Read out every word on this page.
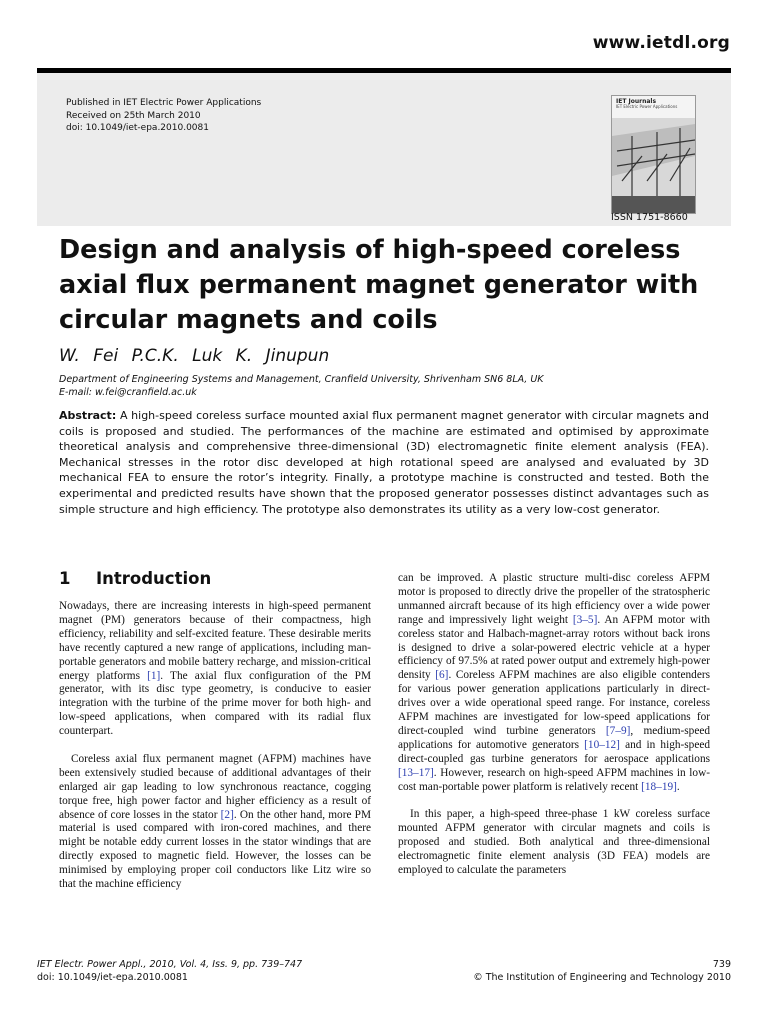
www.ietdl.org
Published in IET Electric Power Applications
Received on 25th March 2010
doi: 10.1049/iet-epa.2010.0081
IET Journals
IET Electric Power Applications
ISSN 1751-8660
Design and analysis of high-speed coreless axial flux permanent magnet generator with circular magnets and coils
W. Fei P.C.K. Luk K. Jinupun
Department of Engineering Systems and Management, Cranfield University, Shrivenham SN6 8LA, UK
E-mail: w.fei@cranfield.ac.uk
Abstract: A high-speed coreless surface mounted axial flux permanent magnet generator with circular magnets and coils is proposed and studied. The performances of the machine are estimated and optimised by approximate theoretical analysis and comprehensive three-dimensional (3D) electromagnetic finite element analysis (FEA). Mechanical stresses in the rotor disc developed at high rotational speed are analysed and evaluated by 3D mechanical FEA to ensure the rotor’s integrity. Finally, a prototype machine is constructed and tested. Both the experimental and predicted results have shown that the proposed generator possesses distinct advantages such as simple structure and high efficiency. The prototype also demonstrates its utility as a very low-cost generator.
1 Introduction

Nowadays, there are increasing interests in high-speed permanent magnet (PM) generators because of their compactness, high efficiency, reliability and self-excited feature. These desirable merits have recently captured a new range of applications, including man-portable generators and mobile battery recharge, and mission-critical energy platforms [1]. The axial flux configuration of the PM generator, with its disc type geometry, is conducive to easier integration with the turbine of the prime mover for both high- and low-speed applications, when compared with its radial flux counterpart.

Coreless axial flux permanent magnet (AFPM) machines have been extensively studied because of additional advantages of their enlarged air gap leading to low synchronous reactance, cogging torque free, high power factor and higher efficiency as a result of absence of core losses in the stator [2]. On the other hand, more PM material is used compared with iron-cored machines, and there might be notable eddy current losses in the stator windings that are directly exposed to magnetic field. However, the losses can be minimised by employing proper coil conductors like Litz wire so that the machine efficiency

can be improved. A plastic structure multi-disc coreless AFPM motor is proposed to directly drive the propeller of the stratospheric unmanned aircraft because of its high efficiency over a wide power range and impressively light weight [3–5]. An AFPM motor with coreless stator and Halbach-magnet-array rotors without back irons is designed to drive a solar-powered electric vehicle at a hyper efficiency of 97.5% at rated power output and extremely high-power density [6]. Coreless AFPM machines are also eligible contenders for various power generation applications particularly in direct-drives over a wide operational speed range. For instance, coreless AFPM machines are investigated for low-speed applications for direct-coupled wind turbine generators [7–9], medium-speed applications for automotive generators [10–12] and in high-speed direct-coupled gas turbine generators for aerospace applications [13–17]. However, research on high-speed AFPM machines in low-cost man-portable power platform is relatively recent [18–19].

In this paper, a high-speed three-phase 1 kW coreless surface mounted AFPM generator with circular magnets and coils is proposed and studied. Both analytical and three-dimensional electromagnetic finite element analysis (3D FEA) models are employed to calculate the parameters

IET Electr. Power Appl., 2010, Vol. 4, Iss. 9, pp. 739–747
doi: 10.1049/iet-epa.2010.0081
739
© The Institution of Engineering and Technology 2010
